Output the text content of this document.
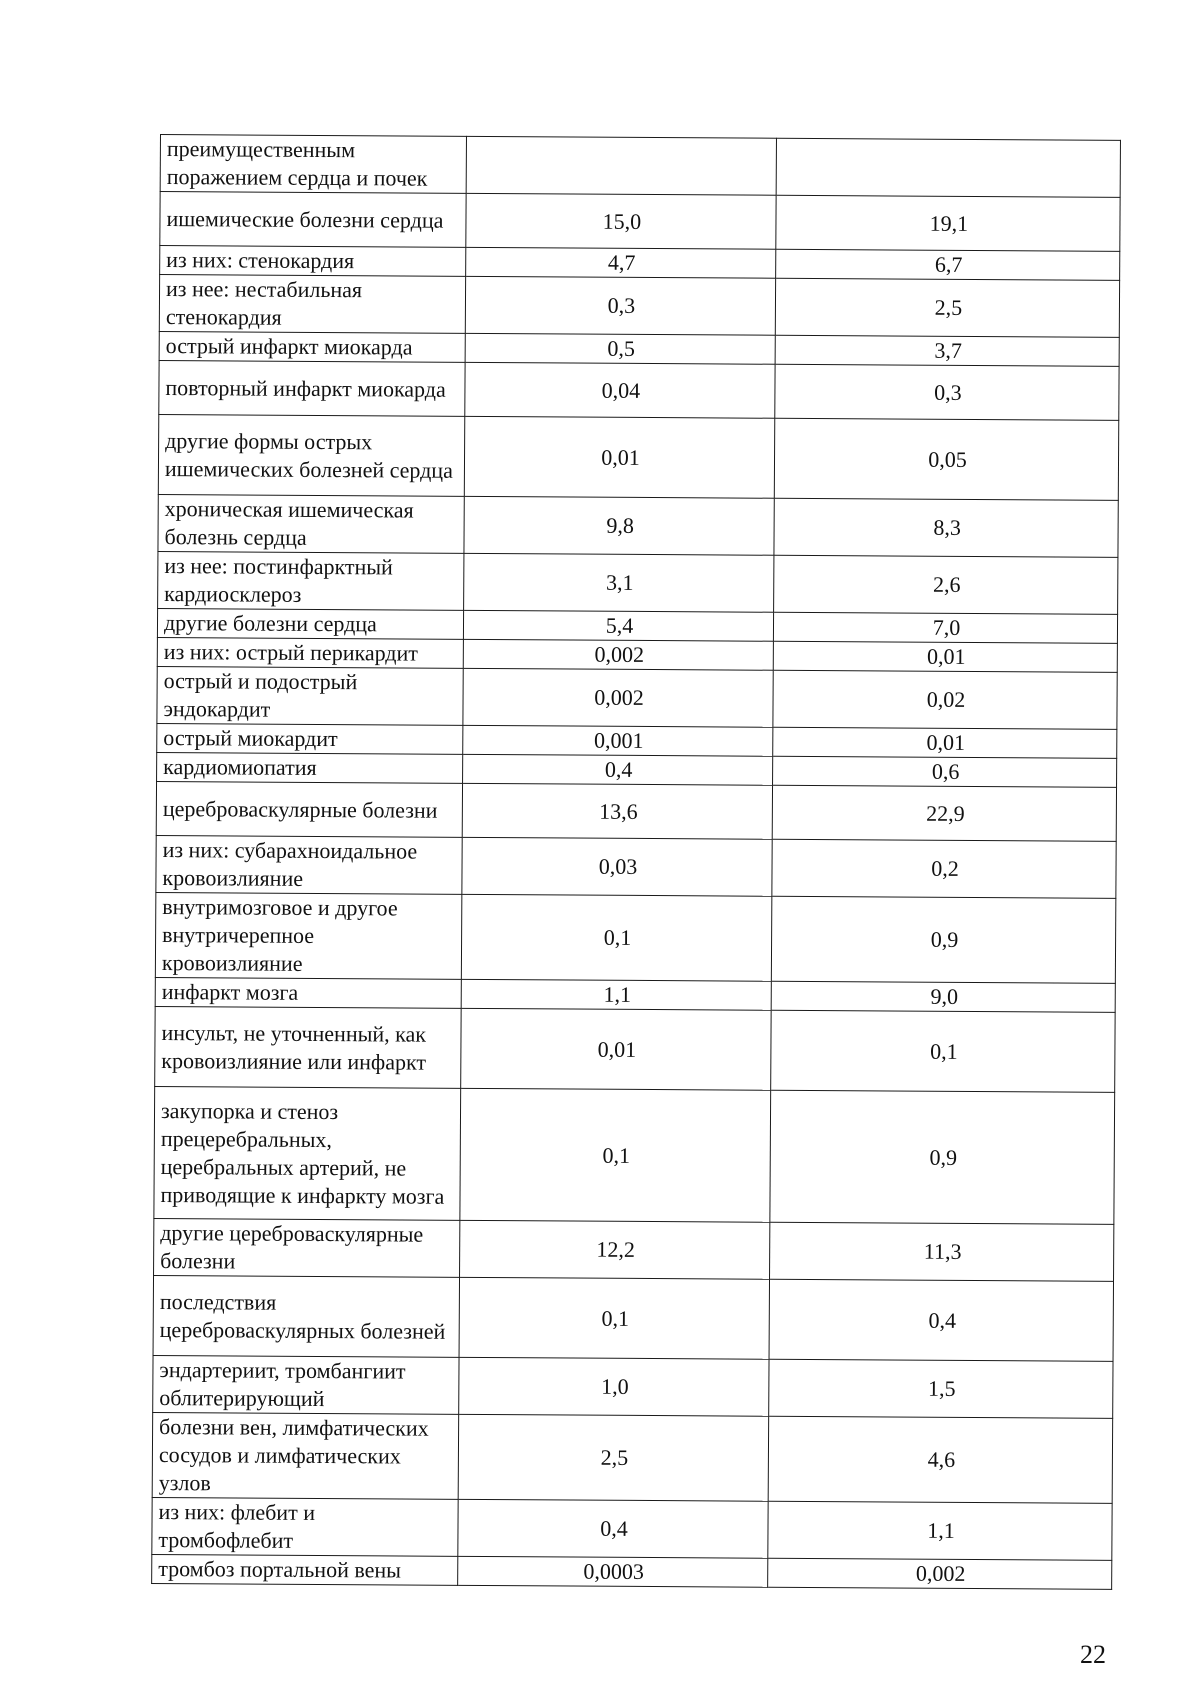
преимущественным поражением сердца и почек		
ишемические болезни сердца	15,0	19,1
из них: стенокардия	4,7	6,7
из нее: нестабильная стенокардия	0,3	2,5
острый инфаркт миокарда	0,5	3,7
повторный инфаркт миокарда	0,04	0,3
другие формы острых ишемических болезней сердца	0,01	0,05
хроническая ишемическая болезнь сердца	9,8	8,3
из нее: постинфарктный кардиосклероз	3,1	2,6
другие болезни сердца	5,4	7,0
из них: острый перикардит	0,002	0,01
острый и подострый эндокардит	0,002	0,02
острый миокардит	0,001	0,01
кардиомиопатия	0,4	0,6
цереброваскулярные болезни	13,6	22,9
из них: субарахноидальное кровоизлияние	0,03	0,2
внутримозговое и другое внутричерепное кровоизлияние	0,1	0,9
инфаркт мозга	1,1	9,0
инсульт, не уточненный, как кровоизлияние или инфаркт	0,01	0,1
закупорка и стеноз прецеребральных, церебральных артерий, не приводящие к инфаркту мозга	0,1	0,9
другие цереброваскулярные болезни	12,2	11,3
последствия цереброваскулярных болезней	0,1	0,4
эндартериит, тромбангиит облитерирующий	1,0	1,5
болезни вен, лимфатических сосудов и лимфатических узлов	2,5	4,6
из них: флебит и тромбофлебит	0,4	1,1
тромбоз портальной вены	0,0003	0,002
22
